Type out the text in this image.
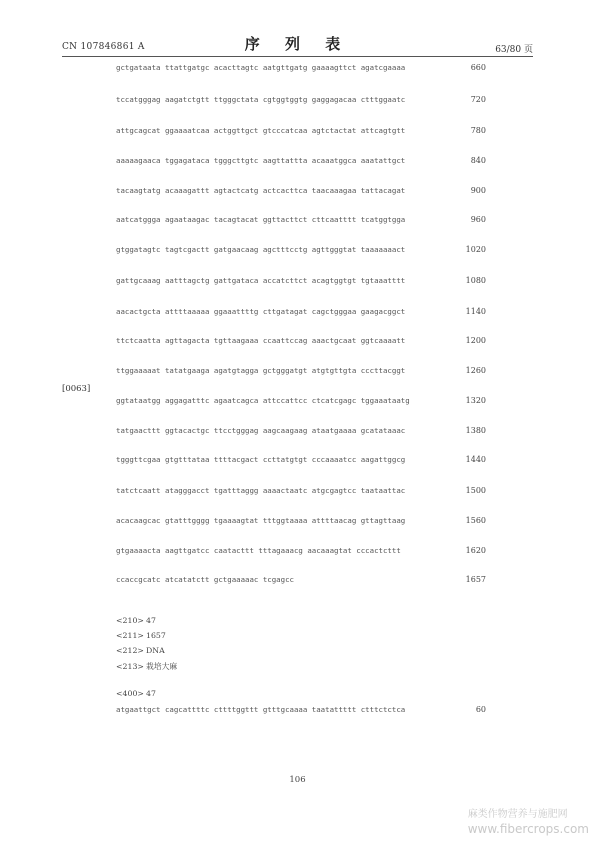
CN 107846861 A	序 列 表	63/80 页
gctgataata ttattgatgc acacttagtc aatgttgatg gaaaagttct agatcgaaaa	660
tccatgggag aagatctgtt ttgggctata cgtggtggtg gaggagacaa ctttggaatc	720
attgcagcat ggaaaatcaa actggttgct gtcccatcaa agtctactat attcagtgtt	780
aaaaagaaca tggagataca tgggcttgtc aagttattta acaaatggca aaatattgct	840
tacaagtatg acaaagattt agtactcatg actcacttca taacaaagaa tattacagat	900
aatcatggga agaataagac tacagtacat ggttacttct cttcaatttt tcatggtgga	960
gtggatagtc tagtcgactt gatgaacaag agctttcctg agttgggtat taaaaaaact	1020
gattgcaaag aatttagctg gattgataca accatcttct acagtggtgt tgtaaatttt	1080
aacactgcta attttaaaaa ggaaattttg cttgatagat cagctgggaa gaagacggct	1140
ttctcaatta agttagacta tgttaagaaa ccaattccag aaactgcaat ggtcaaaatt	1200
ttggaaaaat tatatgaaga agatgtagga gctgggatgt atgtgttgta cccttacggt	1260
ggtataatgg aggagatttc agaatcagca attccattcc ctcatcgagc tggaaataatg	1320
tatgaacttt ggtacactgc ttcctgggag aagcaagaag ataatgaaaa gcatataaac	1380
tgggttcgaa gtgtttataa ttttacgact ccttatgtgt cccaaaatcc aagattggcg	1440
tatctcaatt atagggacct tgatttaggg aaaactaatc atgcgagtcc taataattac	1500
acacaagcac gtatttgggg tgaaaagtat tttggtaaaa attttaacag gttagttaag	1560
gtgaaaacta aagttgatcc caatacttt tttagaaacg aacaaagtat cccactcttt	1620
ccaccgcatc atcatatctt gctgaaaaac tcgagcc	1657
[0063]
<210> 47
<211> 1657
<212> DNA
<213> 栽培大麻
<400> 47
atgaattgct cagcattttc cttttggttt gtttgcaaaa taatattttt ctttctctca	60
106
麻类作物营养与施肥网
www.fibercrops.com
